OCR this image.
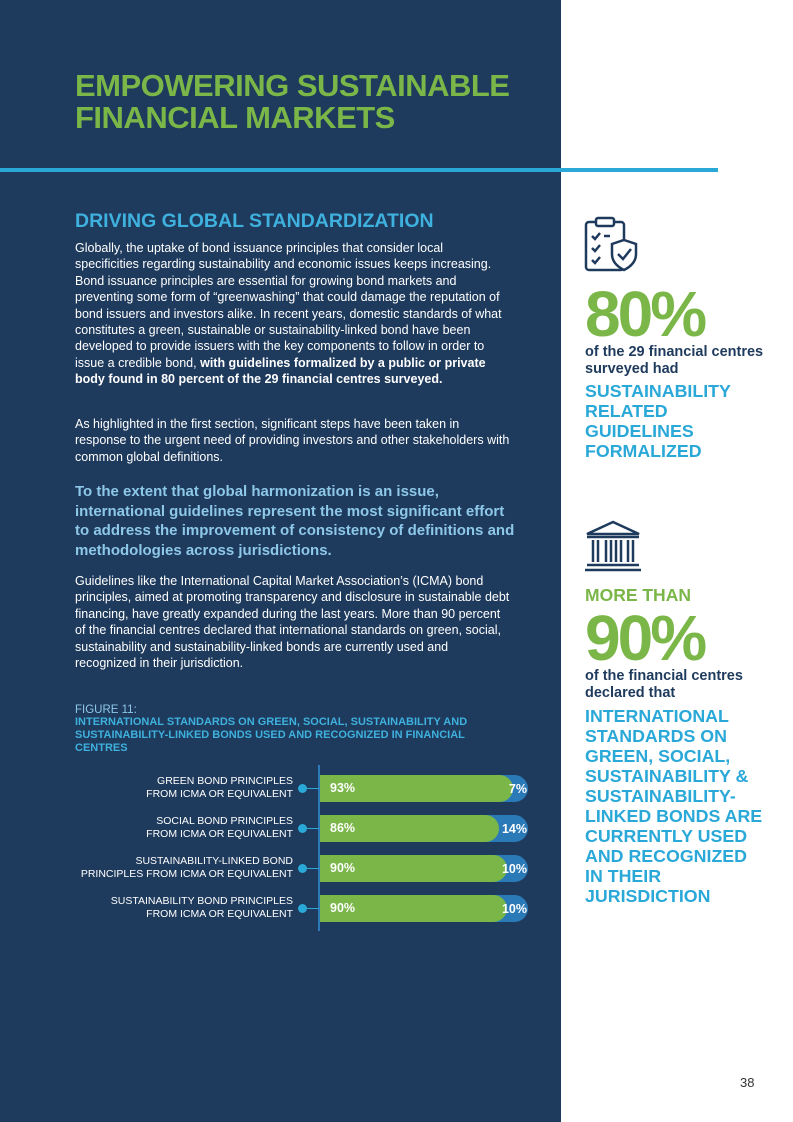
EMPOWERING SUSTAINABLE
FINANCIAL MARKETS
DRIVING GLOBAL STANDARDIZATION

Globally, the uptake of bond issuance principles that consider local specificities regarding sustainability and economic issues keeps increasing. Bond issuance principles are essential for growing bond markets and preventing some form of “greenwashing” that could damage the reputation of bond issuers and investors alike. In recent years, domestic standards of what constitutes a green, sustainable or sustainability-linked bond have been developed to provide issuers with the key components to follow in order to issue a credible bond, with guidelines formalized by a public or private body found in 80 percent of the 29 financial centres surveyed.

As highlighted in the first section, significant steps have been taken in response to the urgent need of providing investors and other stakeholders with common global definitions.

To the extent that global harmonization is an issue, international guidelines represent the most significant effort to address the improvement of consistency of definitions and methodologies across jurisdictions.

Guidelines like the International Capital Market Association’s (ICMA) bond principles, aimed at promoting transparency and disclosure in sustainable debt financing, have greatly expanded during the last years. More than 90 percent of the financial centres declared that international standards on green, social, sustainability and sustainability-linked bonds are currently used and recognized in their jurisdiction.

FIGURE 11:

INTERNATIONAL STANDARDS ON GREEN, SOCIAL, SUSTAINABILITY AND SUSTAINABILITY-LINKED BONDS USED AND RECOGNIZED IN FINANCIAL CENTRES

GREEN BOND PRINCIPLES
FROM ICMA OR EQUIVALENT	93%	7%
SOCIAL BOND PRINCIPLES
FROM ICMA OR EQUIVALENT	86%	14%
SUSTAINABILITY-LINKED BOND
PRINCIPLES FROM ICMA OR EQUIVALENT	90%	10%
SUSTAINABILITY BOND PRINCIPLES
FROM ICMA OR EQUIVALENT	90%	10%

80%

of the 29 financial centres surveyed had

SUSTAINABILITY RELATED GUIDELINES FORMALIZED

MORE THAN

90%

of the financial centres declared that

INTERNATIONAL STANDARDS ON GREEN, SOCIAL, SUSTAINABILITY & SUSTAINABILITY-LINKED BONDS ARE CURRENTLY USED AND RECOGNIZED IN THEIR JURISDICTION

38
